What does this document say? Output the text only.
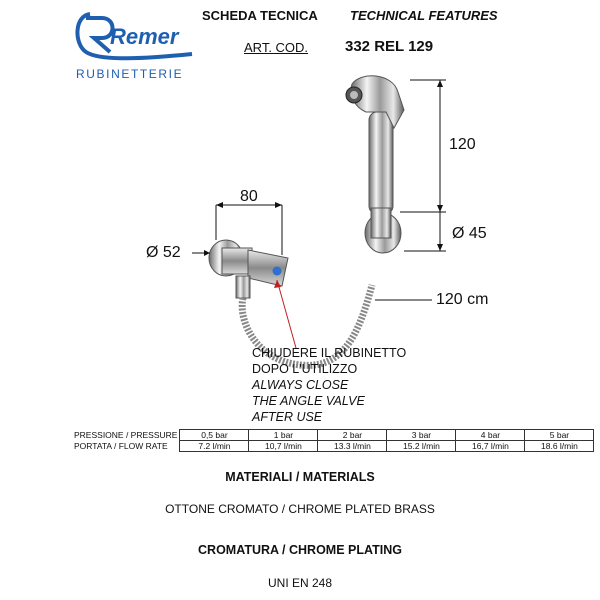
Remer
RUBINETTERIE
SCHEDA TECNICA TECHNICAL FEATURES
ART. COD. 332 REL 129
80
Ø 52
120
Ø 45
120 cm
CHIUDERE IL RUBINETTO
DOPO L'UTILIZZO
ALWAYS CLOSE
THE ANGLE VALVE
AFTER USE
PRESSIONE / PRESSURE	0,5 bar	1 bar	2 bar	3 bar	4 bar	5 bar
PORTATA / FLOW RATE	7.2 l/min	10,7 l/min	13.3 l/min	15.2 l/min	16,7 l/min	18.6 l/min
MATERIALI / MATERIALS
OTTONE CROMATO / CHROME PLATED BRASS
CROMATURA / CHROME PLATING
UNI EN 248
